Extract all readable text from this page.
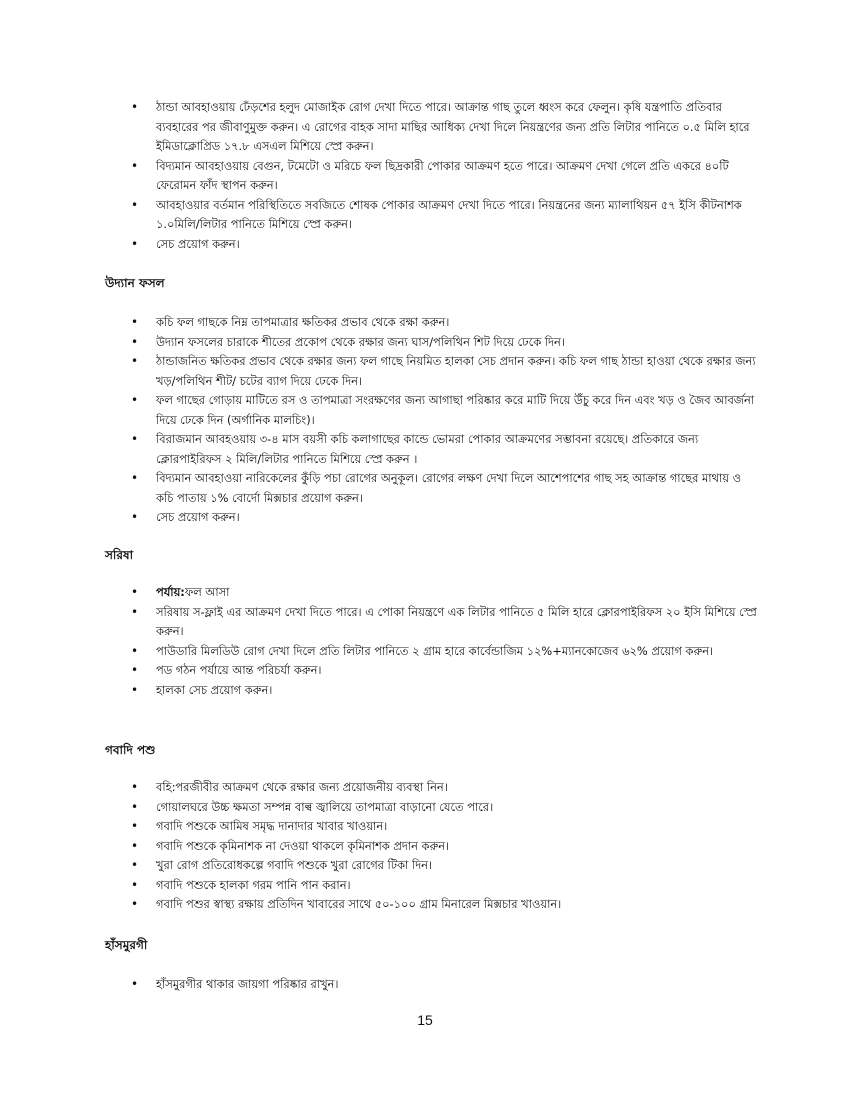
• ঠান্ডা আবহাওয়ায় ঢেঁড়শের হলুদ মোজাইক রোগ দেখা দিতে পারে। আক্রান্ত গাছ তুলে ধ্বংস করে ফেলুন। কৃষি যন্ত্রপাতি প্রতিবার ব্যবহারের পর জীবাণুমুক্ত করুন। এ রোগের বাহক সাদা মাছির আধিক্য দেখা দিলে নিয়ন্ত্রণের জন্য প্রতি লিটার পানিতে ০.৫ মিলি হারে ইমিডাক্লোপ্রিড ১৭.৮ এসএল মিশিয়ে স্প্রে করুন।
• বিদ্যমান আবহাওয়ায় বেগুন, টমেটো ও মরিচে ফল ছিদ্রকারী পোকার আক্রমণ হতে পারে। আক্রমণ দেখা গেলে প্রতি একরে ৪০টি ফেরোমন ফাঁদ স্থাপন করুন।
• আবহাওয়ার বর্তমান পরিস্থিতিতে সবজিতে শোষক পোকার আক্রমণ দেখা দিতে পারে। নিয়ন্ত্রনের জন্য ম্যালাথিয়ন ৫৭ ইসি কীটনাশক ১.০মিলি/লিটার পানিতে মিশিয়ে স্প্রে করুন।
• সেচ প্রয়োগ করুন।
উদ্যান ফসল
• কচি ফল গাছকে নিম্ন তাপমাত্রার ক্ষতিকর প্রভাব থেকে রক্ষা করুন।
• উদ্যান ফসলের চারাকে শীতের প্রকোপ থেকে রক্ষার জন্য ঘাস/পলিথিন শিট দিয়ে ঢেকে দিন।
• ঠান্ডাজনিত ক্ষতিকর প্রভাব থেকে রক্ষার জন্য ফল গাছে নিয়মিত হালকা সেচ প্রদান করুন। কচি ফল গাছ ঠান্ডা হাওয়া থেকে রক্ষার জন্য খড়/পলিথিন শীট/ চটের ব্যাগ দিয়ে ঢেকে দিন।
• ফল গাছের গোড়ায় মাটিতে রস ও তাপমাত্রা সংরক্ষণের জন্য আগাছা পরিষ্কার করে মাটি দিয়ে উঁচু করে দিন এবং খড় ও জৈব আবর্জনা দিয়ে ঢেকে দিন (অর্গানিক মালচিং)।
• বিরাজমান আবহওয়ায় ৩-৪ মাস বয়সী কচি কলাগাছের কান্ডে ভোমরা পোকার আক্রমণের সম্ভাবনা রয়েছে। প্রতিকারে জন্য ক্লোরপাইরিফস ২ মিলি/লিটার পানিতে মিশিয়ে স্প্রে করুন ।
• বিদ্যমান আবহাওয়া নারিকেলের কুঁড়ি পচা রোগের অনুকূল। রোগের লক্ষণ দেখা দিলে আশেপাশের গাছ সহ আক্রান্ত গাছের মাথায় ও কচি পাতায় ১% বোর্দো মিক্সচার প্রয়োগ করুন।
• সেচ প্রয়োগ করুন।
সরিষা
• পর্যায়:ফল আসা
• সরিষায় স-ফ্লাই এর আক্রমণ দেখা দিতে পারে। এ পোকা নিয়ন্ত্রণে এক লিটার পানিতে ৫ মিলি হারে ক্লোরপাইরিফস ২০ ইসি মিশিয়ে স্প্রে করুন।
• পাউডারি মিলডিউ রোগ দেখা দিলে প্রতি লিটার পানিতে ২ গ্রাম হারে কার্বেন্ডাজিম ১২%+ম্যানকোজেব ৬২% প্রয়োগ করুন।
• পড গঠন পর্যায়ে আন্ত পরিচর্যা করুন।
• হালকা সেচ প্রয়োগ করুন।
গবাদি পশু
• বহি:পরজীবীর আক্রমণ থেকে রক্ষার জন্য প্রয়োজনীয় ব্যবস্থা নিন।
• গোয়ালঘরে উচ্চ ক্ষমতা সম্পন্ন বাল্ব জ্বালিয়ে তাপমাত্রা বাড়ানো যেতে পারে।
• গবাদি পশুকে আমিষ সমৃদ্ধ দানাদার খাবার খাওয়ান।
• গবাদি পশুকে কৃমিনাশক না দেওয়া থাকলে কৃমিনাশক প্রদান করুন।
• খুরা রোগ প্রতিরোধকল্পে গবাদি পশুকে খুরা রোগের টিকা দিন।
• গবাদি পশুকে হালকা গরম পানি পান করান।
• গবাদি পশুর স্বাস্থ্য রক্ষায় প্রতিদিন খাবারের সাথে ৫০-১০০ গ্রাম মিনারেল মিক্সচার খাওয়ান।
হাঁসমুরগী
• হাঁসমুরগীর থাকার জায়গা পরিষ্কার রাখুন।
15
